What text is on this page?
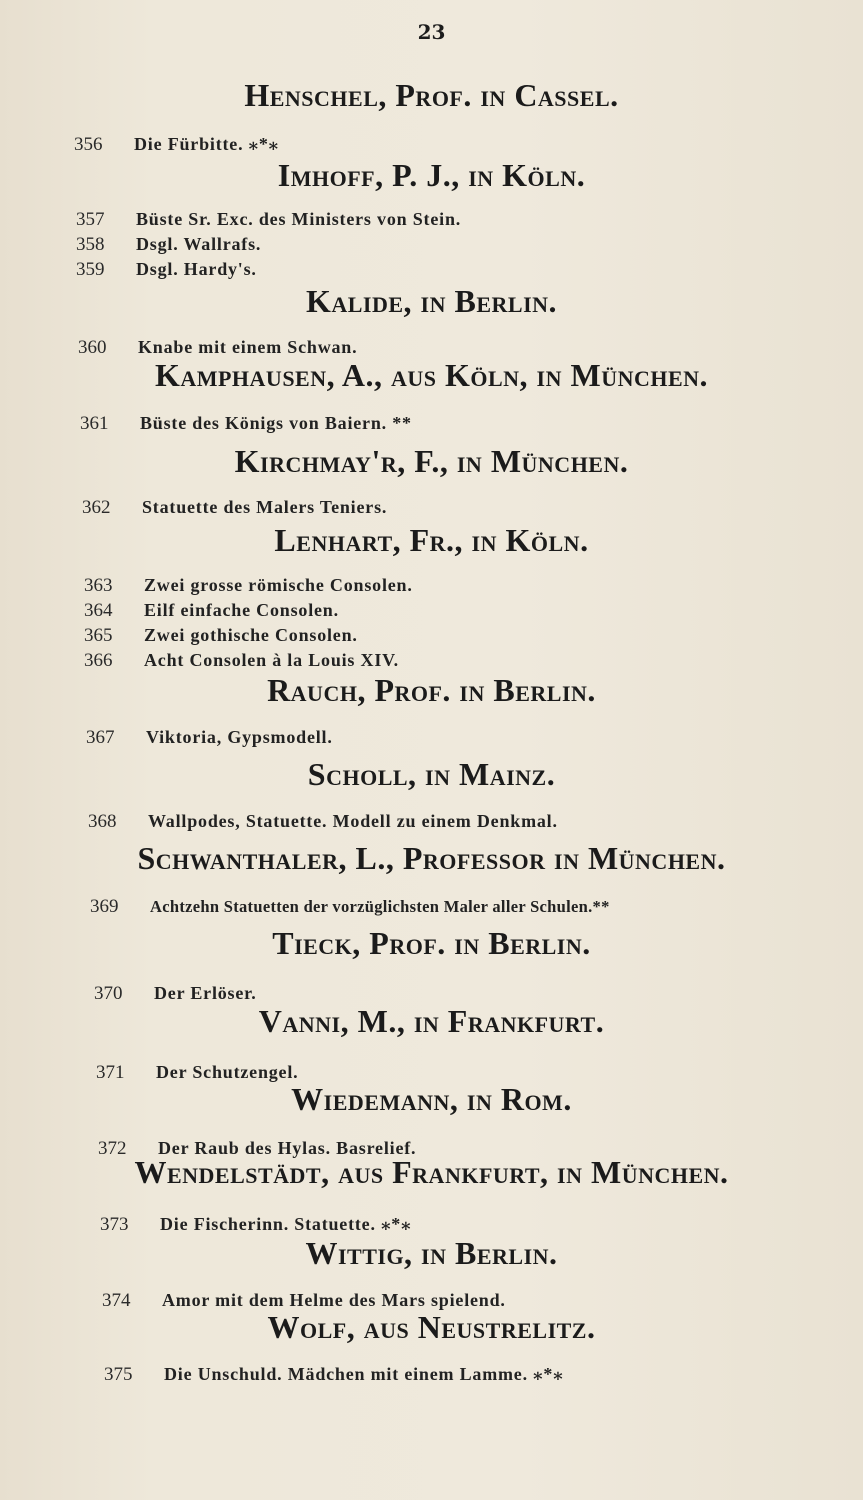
23
Henschel, Prof. in Cassel.
356 Die Fürbitte. ⁎*⁎
Imhoff, P. J., in Köln.
357 Büste Sr. Exc. des Ministers von Stein.
358 Dsgl. Wallrafs.
359 Dsgl. Hardy's.
Kalide, in Berlin.
360 Knabe mit einem Schwan.
Kamphausen, A., aus Köln, in München.
361 Büste des Königs von Baiern. **
Kirchmay'r, F., in München.
362 Statuette des Malers Teniers.
Lenhart, Fr., in Köln.
363 Zwei grosse römische Consolen.
364 Eilf einfache Consolen.
365 Zwei gothische Consolen.
366 Acht Consolen à la Louis XIV.
Rauch, Prof. in Berlin.
367 Viktoria, Gypsmodell.
Scholl, in Mainz.
368 Wallpodes, Statuette. Modell zu einem Denkmal.
Schwanthaler, L., Professor in München.
369 Achtzehn Statuetten der vorzüglichsten Maler aller Schulen.**
Tieck, Prof. in Berlin.
370 Der Erlöser.
Vanni, M., in Frankfurt.
371 Der Schutzengel.
Wiedemann, in Rom.
372 Der Raub des Hylas. Basrelief.
Wendelstädt, aus Frankfurt, in München.
373 Die Fischerinn. Statuette. ⁎*⁎
Wittig, in Berlin.
374 Amor mit dem Helme des Mars spielend.
Wolf, aus Neustrelitz.
375 Die Unschuld. Mädchen mit einem Lamme. ⁎*⁎
